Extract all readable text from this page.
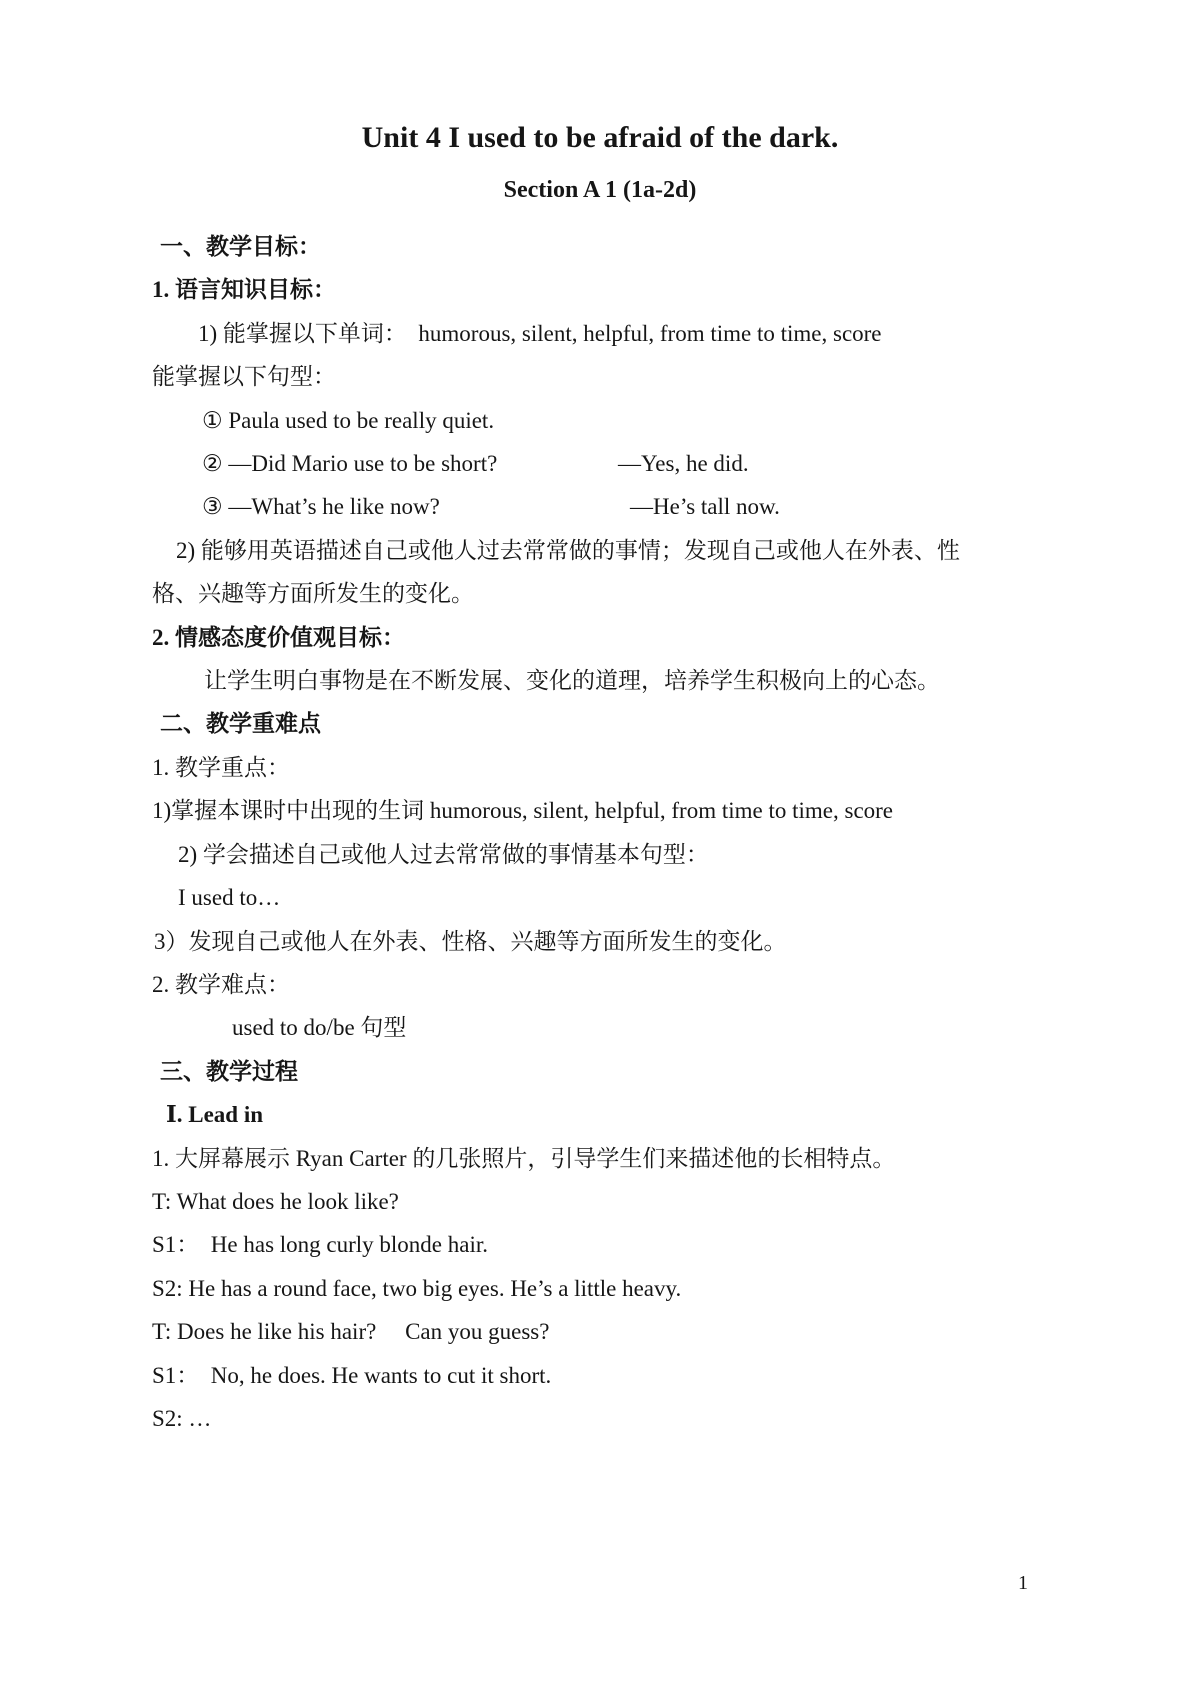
Unit 4 I used to be afraid of the dark.
Section A 1 (1a-2d)
一、教学目标：
1. 语言知识目标：
1) 能掌握以下单词：　humorous, silent, helpful, from time to time, score
能掌握以下句型：
① Paula used to be really quiet.
② —Did Mario use to be short?	—Yes, he did.
③ —What’s he like now?	—He’s tall now.
2) 能够用英语描述自己或他人过去常常做的事情；发现自己或他人在外表、性
格、兴趣等方面所发生的变化。
2. 情感态度价值观目标：
让学生明白事物是在不断发展、变化的道理，培养学生积极向上的心态。
二、教学重难点
1. 教学重点：
1)掌握本课时中出现的生词 humorous, silent, helpful, from time to time, score
2) 学会描述自己或他人过去常常做的事情基本句型：
I used to…
3）发现自己或他人在外表、性格、兴趣等方面所发生的变化。
2. 教学难点：
used to do/be 句型
三、教学过程
Ⅰ. Lead in
1. 大屏幕展示 Ryan Carter 的几张照片，引导学生们来描述他的长相特点。
T: What does he look like?
S1：  He has long curly blonde hair.
S2: He has a round face, two big eyes. He’s a little heavy.
T: Does he like his hair?　 Can you guess?
S1：  No, he does. He wants to cut it short.
S2: …
1
